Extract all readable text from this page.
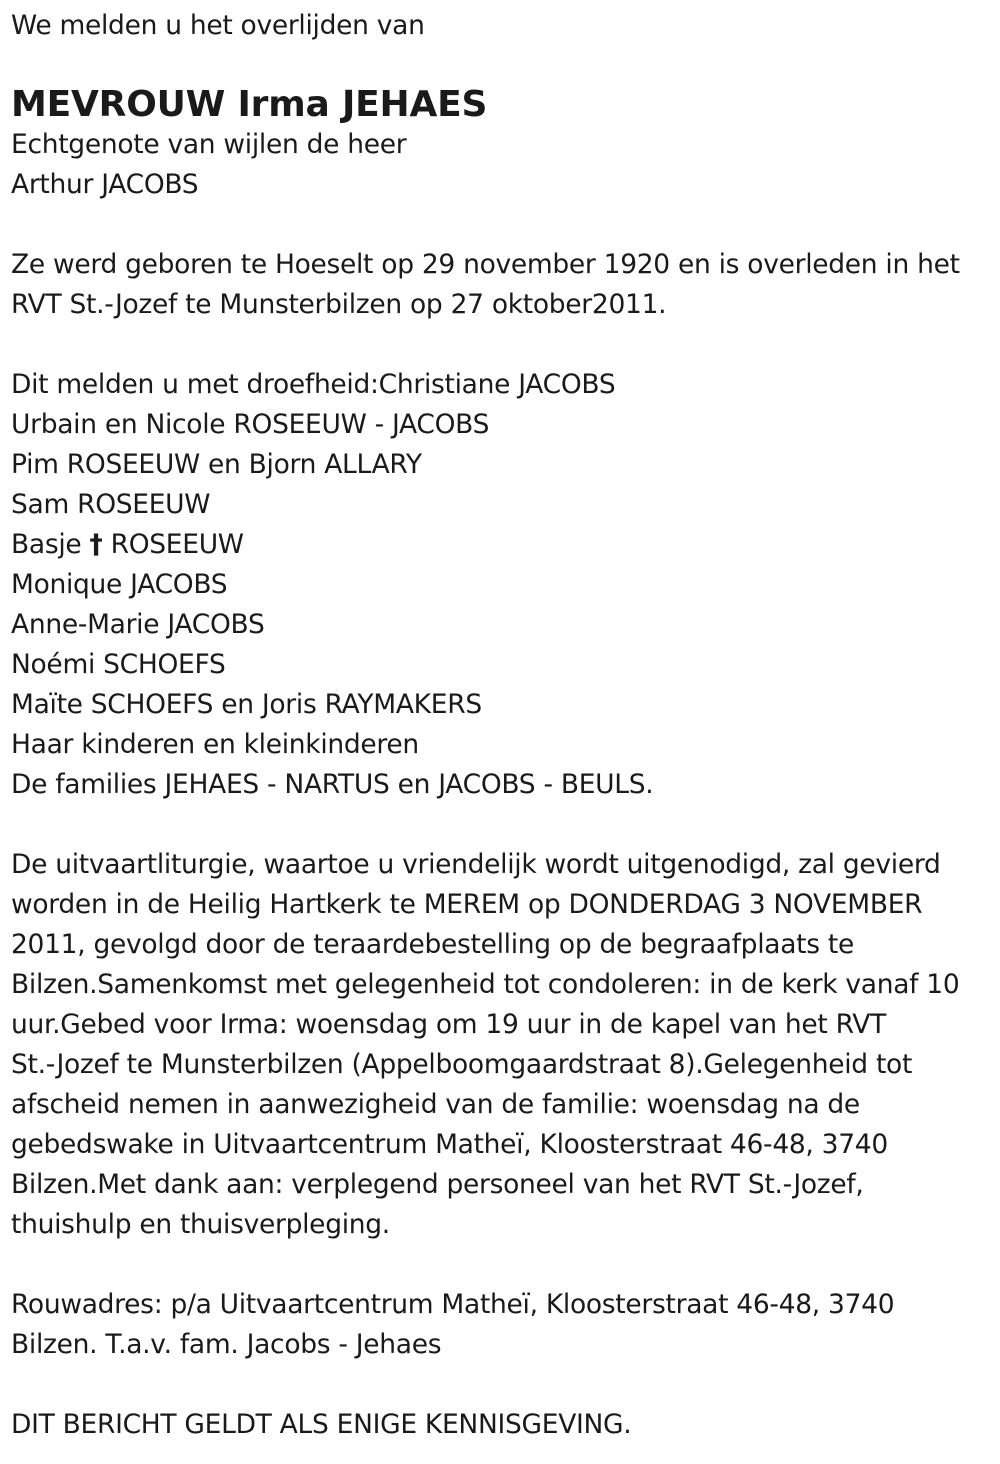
We melden u het overlijden van
MEVROUW Irma JEHAES
Echtgenote van wijlen de heer
Arthur JACOBS
Ze werd geboren te Hoeselt op 29 november 1920 en is overleden in het
RVT St.-Jozef te Munsterbilzen op 27 oktober2011.
Dit melden u met droefheid:Christiane JACOBS
Urbain en Nicole ROSEEUW - JACOBS
Pim ROSEEUW en Bjorn ALLARY
Sam ROSEEUW
Basje † ROSEEUW
Monique JACOBS
Anne-Marie JACOBS
Noémi SCHOEFS
Maïte SCHOEFS en Joris RAYMAKERS
Haar kinderen en kleinkinderen
De families JEHAES - NARTUS en JACOBS - BEULS.
De uitvaartliturgie, waartoe u vriendelijk wordt uitgenodigd, zal gevierd
worden in de Heilig Hartkerk te MEREM op DONDERDAG 3 NOVEMBER
2011, gevolgd door de teraardebestelling op de begraafplaats te
Bilzen.Samenkomst met gelegenheid tot condoleren: in de kerk vanaf 10
uur.Gebed voor Irma: woensdag om 19 uur in de kapel van het RVT
St.-Jozef te Munsterbilzen (Appelboomgaardstraat 8).Gelegenheid tot
afscheid nemen in aanwezigheid van de familie: woensdag na de
gebedswake in Uitvaartcentrum Matheï, Kloosterstraat 46-48, 3740
Bilzen.Met dank aan: verplegend personeel van het RVT St.-Jozef,
thuishulp en thuisverpleging.
Rouwadres: p/a Uitvaartcentrum Matheï, Kloosterstraat 46-48, 3740
Bilzen. T.a.v. fam. Jacobs - Jehaes
DIT BERICHT GELDT ALS ENIGE KENNISGEVING.
